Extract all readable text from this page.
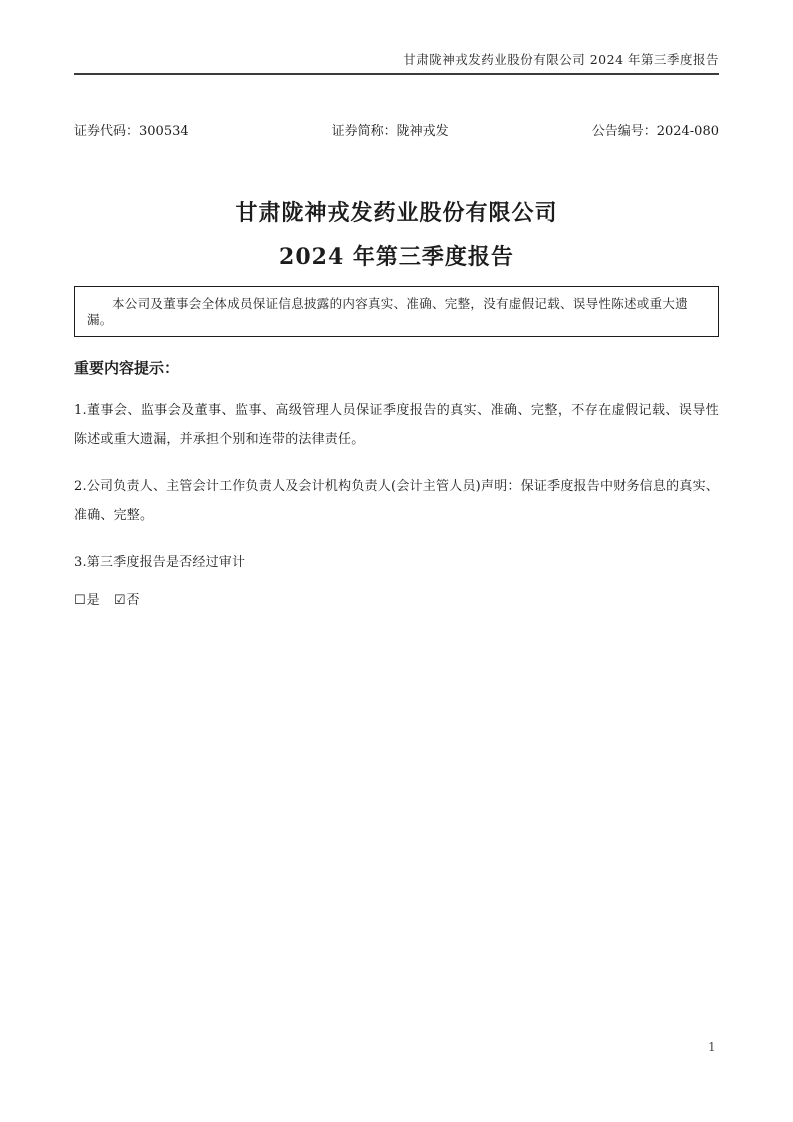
甘肃陇神戎发药业股份有限公司 2024 年第三季度报告
证券代码：300534	证券简称：陇神戎发	公告编号：2024-080
甘肃陇神戎发药业股份有限公司
2024 年第三季度报告

本公司及董事会全体成员保证信息披露的内容真实、准确、完整，没有虚假记载、误导性陈述或重大遗漏。

重要内容提示：

1.董事会、监事会及董事、监事、高级管理人员保证季度报告的真实、准确、完整，不存在虚假记载、误导性陈述或重大遗漏，并承担个别和连带的法律责任。

2.公司负责人、主管会计工作负责人及会计机构负责人(会计主管人员)声明：保证季度报告中财务信息的真实、准确、完整。

3.第三季度报告是否经过审计

☐是 ☑否
1
